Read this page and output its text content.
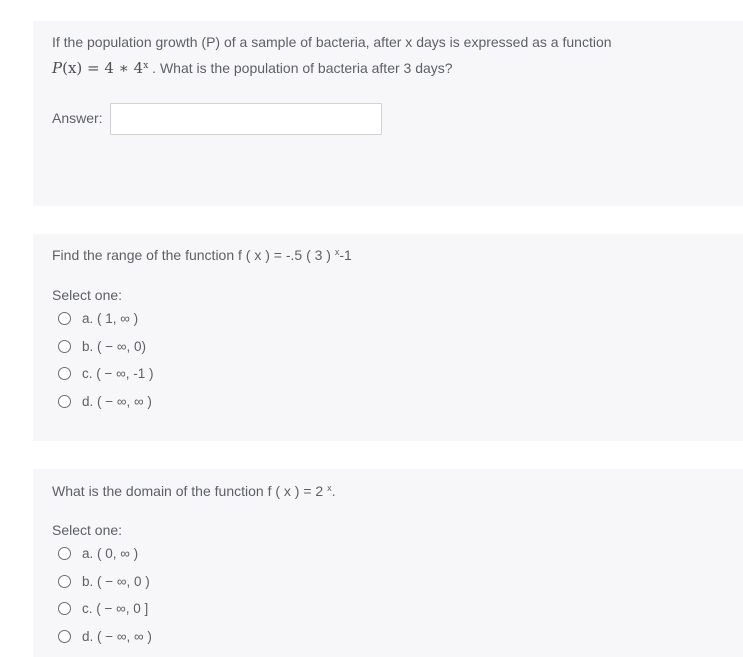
If the population growth (P) of a sample of bacteria, after x days is expressed as a function
P(x) = 4 ∗ 4$^x$ . What is the population of bacteria after 3 days?
Answer:
Find the range of the function f ( x ) = -.5 ( 3 ) $^x$-1
Select one:
a. ( 1, ∞ )
b. ( − ∞, 0)
c. ( − ∞, -1 )
d. ( − ∞, ∞ )
What is the domain of the function f ( x ) = 2 $^x$.
Select one:
a. ( 0, ∞ )
b. ( − ∞, 0 )
c. ( − ∞, 0 ]
d. ( − ∞, ∞ )
